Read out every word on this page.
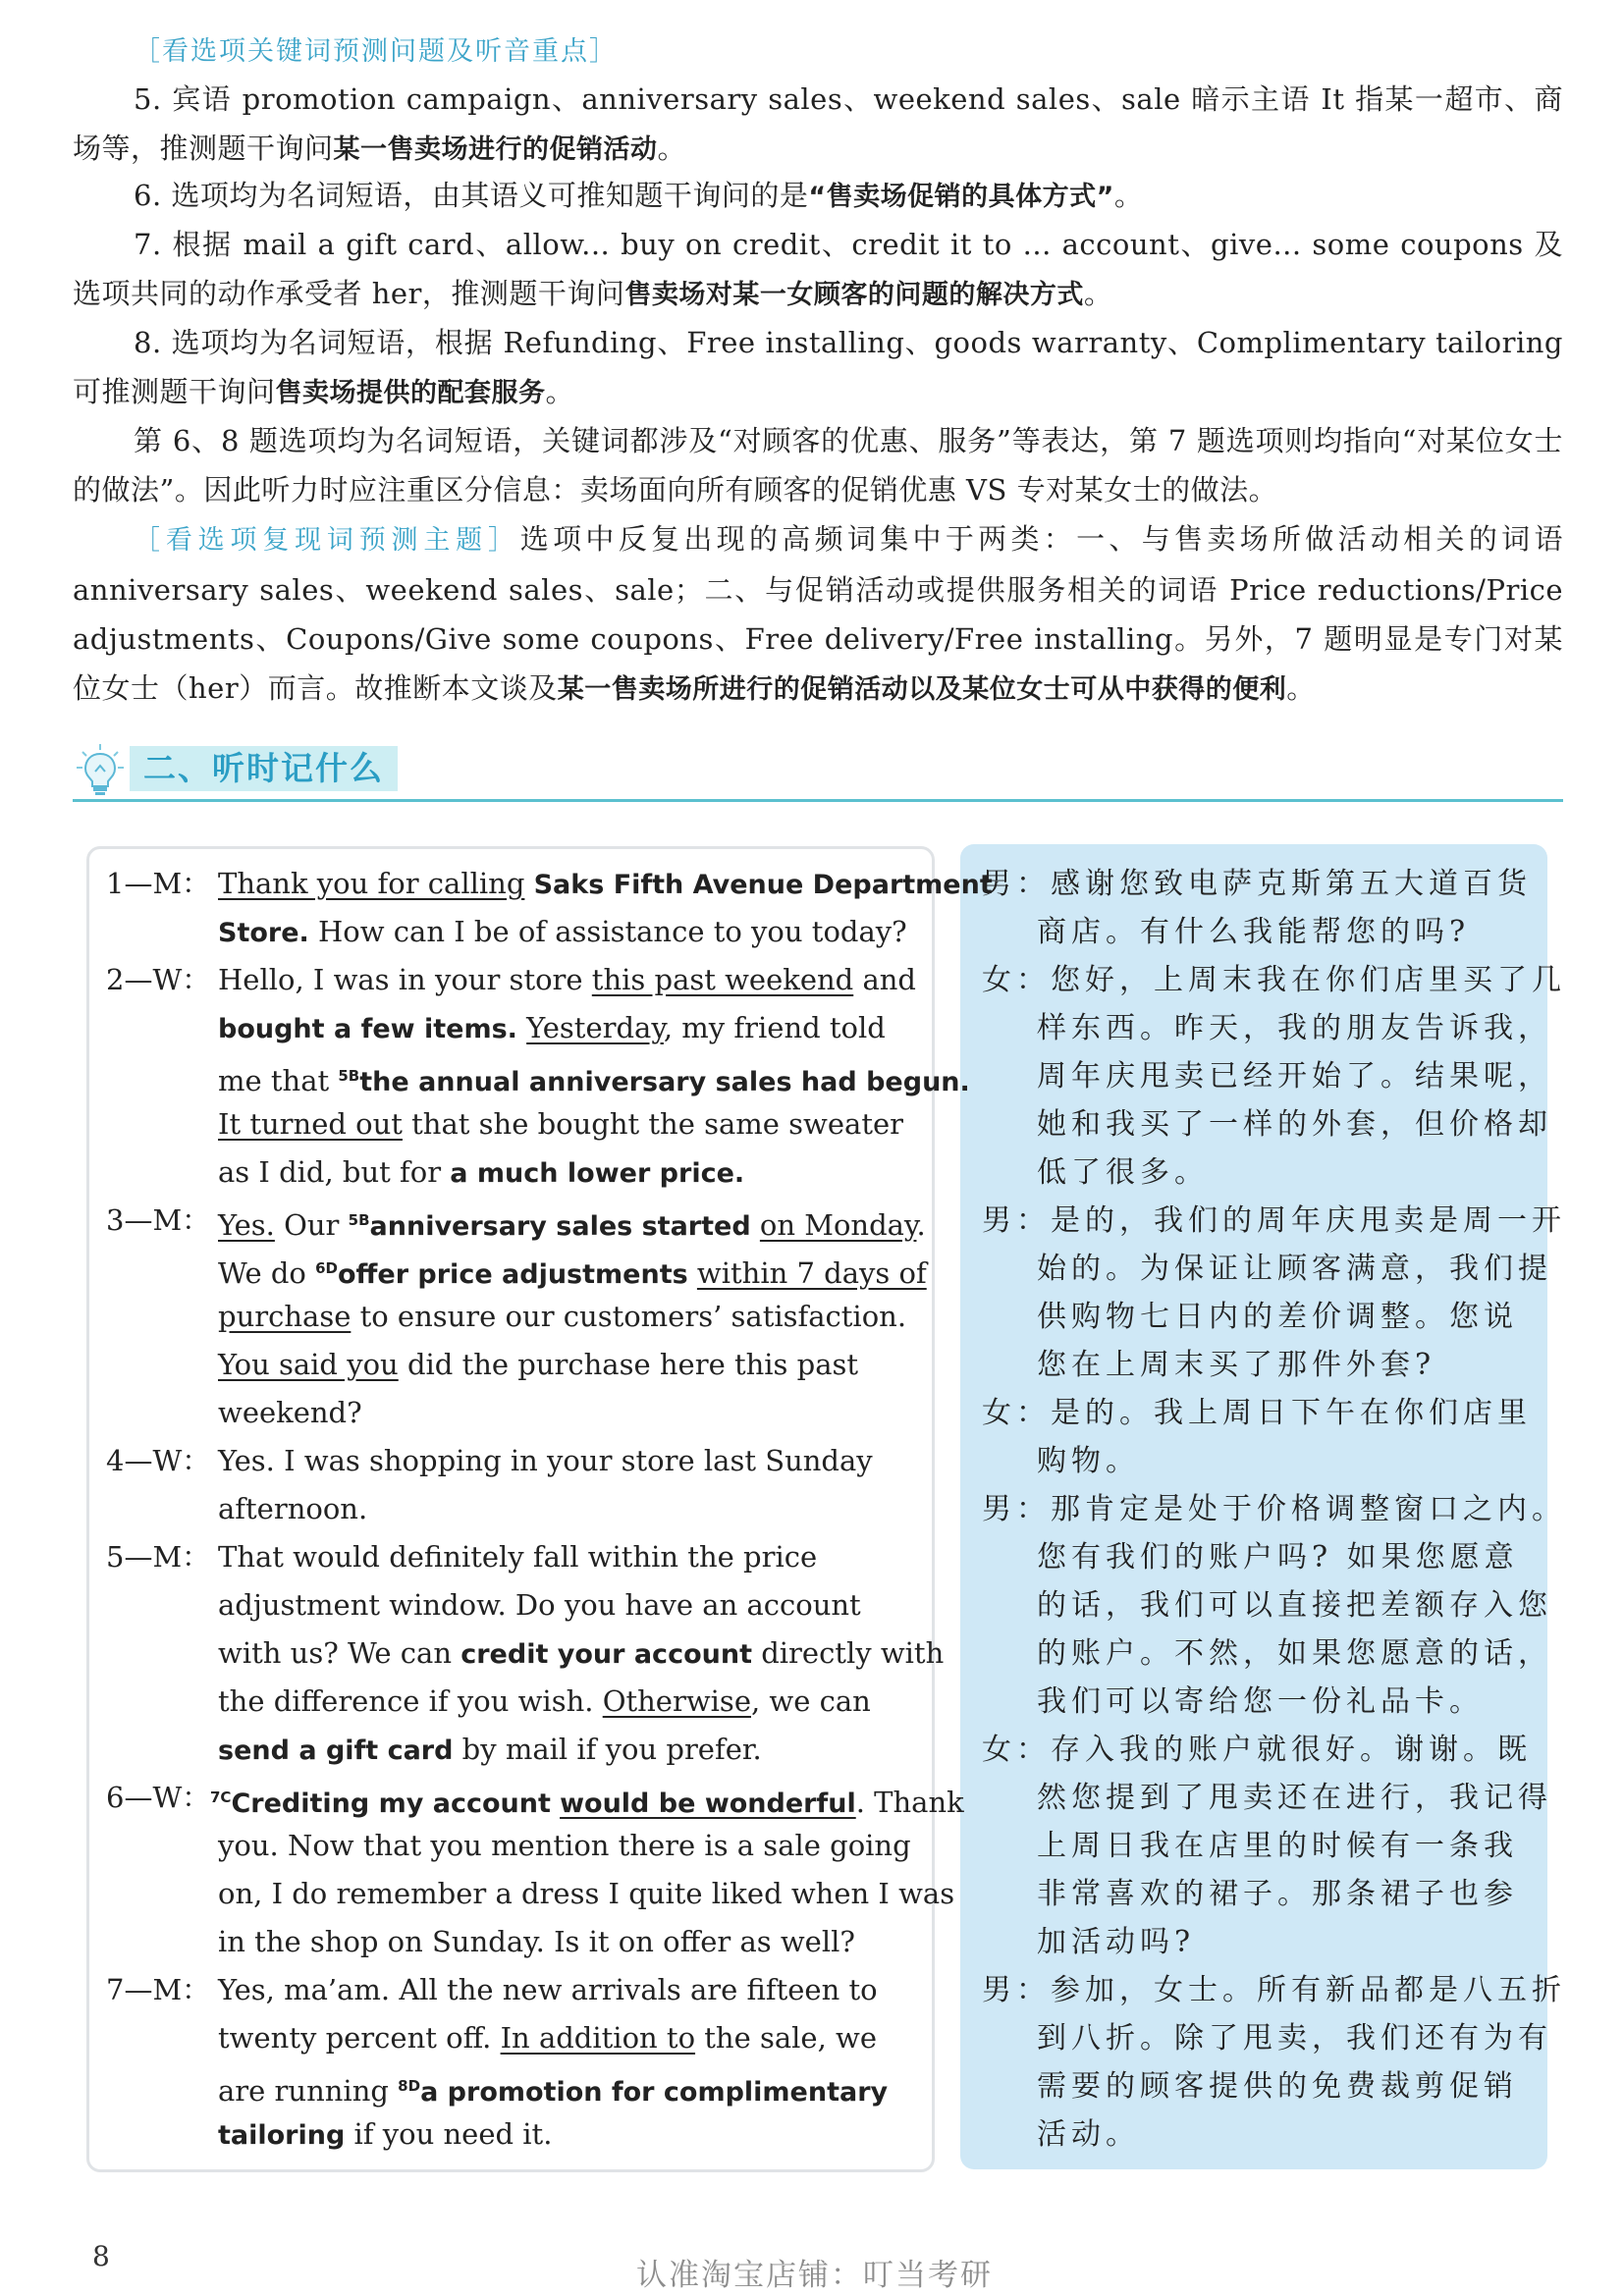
［看选项关键词预测问题及听音重点］
5. 宾语 promotion campaign、anniversary sales、weekend sales、sale 暗示主语 It 指某一超市、商场等，推测题干询问某一售卖场进行的促销活动。
6. 选项均为名词短语，由其语义可推知题干询问的是“售卖场促销的具体方式”。
7. 根据 mail a gift card、allow... buy on credit、credit it to ... account、give... some coupons 及选项共同的动作承受者 her，推测题干询问售卖场对某一女顾客的问题的解决方式。
8. 选项均为名词短语，根据 Refunding、Free installing、goods warranty、Complimentary tailoring 可推测题干询问售卖场提供的配套服务。
第 6、8 题选项均为名词短语，关键词都涉及“对顾客的优惠、服务”等表达，第 7 题选项则均指向“对某位女士的做法”。因此听力时应注重区分信息：卖场面向所有顾客的促销优惠 VS 专对某女士的做法。
［看选项复现词预测主题］选项中反复出现的高频词集中于两类：一、与售卖场所做活动相关的词语 anniversary sales、weekend sales、sale；二、与促销活动或提供服务相关的词语 Price reductions/Price adjustments、Coupons/Give some coupons、Free delivery/Free installing。另外，7 题明显是专门对某位女士（her）而言。故推断本文谈及某一售卖场所进行的促销活动以及某位女士可从中获得的便利。
二、听时记什么
1—M： Thank you for calling Saks Fifth Avenue Department
Store. How can I be of assistance to you today?
2—W： Hello, I was in your store this past weekend and
bought a few items. Yesterday, my friend told
me that $^{5B}$the annual anniversary sales had begun.
It turned out that she bought the same sweater
as I did, but for a much lower price.
3—M： Yes. Our $^{5B}$anniversary sales started on Monday.
We do $^{6D}$offer price adjustments within 7 days of
purchase to ensure our customers’ satisfaction.
You said you did the purchase here this past
weekend?
4—W： Yes. I was shopping in your store last Sunday
afternoon.
5—M： That would definitely fall within the price
adjustment window. Do you have an account
with us? We can credit your account directly with
the difference if you wish. Otherwise, we can
send a gift card by mail if you prefer.
6—W： $^{7C}$Crediting my account would be wonderful. Thank
you. Now that you mention there is a sale going
on, I do remember a dress I quite liked when I was
in the shop on Sunday. Is it on offer as well?
7—M： Yes, ma’am. All the new arrivals are fifteen to
twenty percent off. In addition to the sale, we
are running $^{8D}$a promotion for complimentary
tailoring if you need it.
男：感谢您致电萨克斯第五大道百货
商店。有什么我能帮您的吗?
女：您好，上周末我在你们店里买了几
样东西。昨天，我的朋友告诉我，
周年庆甩卖已经开始了。结果呢，
她和我买了一样的外套，但价格却
低了很多。
男：是的，我们的周年庆甩卖是周一开
始的。为保证让顾客满意，我们提
供购物七日内的差价调整。您说
您在上周末买了那件外套?
女：是的。我上周日下午在你们店里
购物。
男：那肯定是处于价格调整窗口之内。
您有我们的账户吗? 如果您愿意
的话，我们可以直接把差额存入您
的账户。不然，如果您愿意的话，
我们可以寄给您一份礼品卡。
女：存入我的账户就很好。谢谢。既
然您提到了甩卖还在进行，我记得
上周日我在店里的时候有一条我
非常喜欢的裙子。那条裙子也参
加活动吗?
男：参加，女士。所有新品都是八五折
到八折。除了甩卖，我们还有为有
需要的顾客提供的免费裁剪促销
活动。
8
认准淘宝店铺：叮当考研
